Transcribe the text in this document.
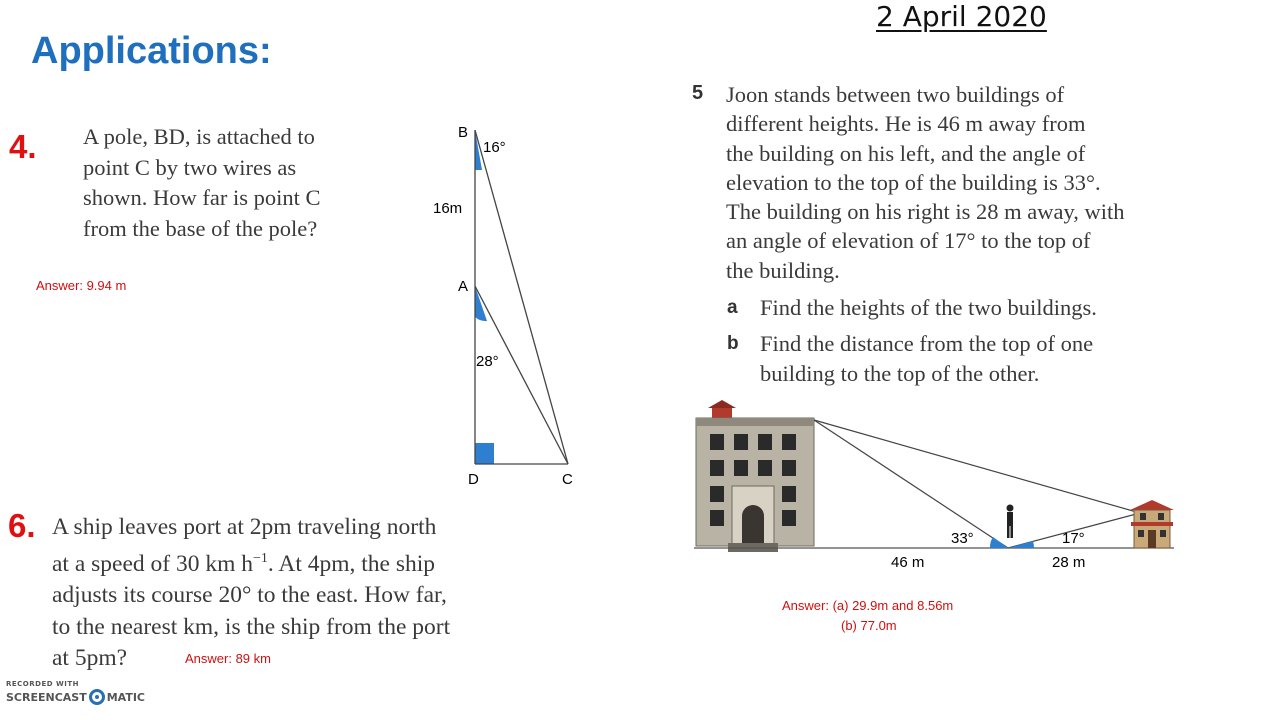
Applications:
2 April 2020
4. A pole, BD, is attached to
point C by two wires as
shown. How far is point C
from the base of the pole?
Answer: 9.94 m
B
16°
16m
A
28°
D	C
5 Joon stands between two buildings of
different heights. He is 46 m away from
the building on his left, and the angle of
elevation to the top of the building is 33°.
The building on his right is 28 m away, with
an angle of elevation of 17° to the top of
the building.
a Find the heights of the two buildings.
b Find the distance from the top of one
building to the top of the other.
33°	17°
46 m	28 m
Answer: (a) 29.9m and 8.56m
(b) 77.0m
6. A ship leaves port at 2pm traveling north
at a speed of 30 km $h^{-1}$. At 4pm, the ship
adjusts its course 20° to the east. How far,
to the nearest km, is the ship from the port
at 5pm?	Answer: 89 km
RECORDED WITH
SCREENCAST MATIC
